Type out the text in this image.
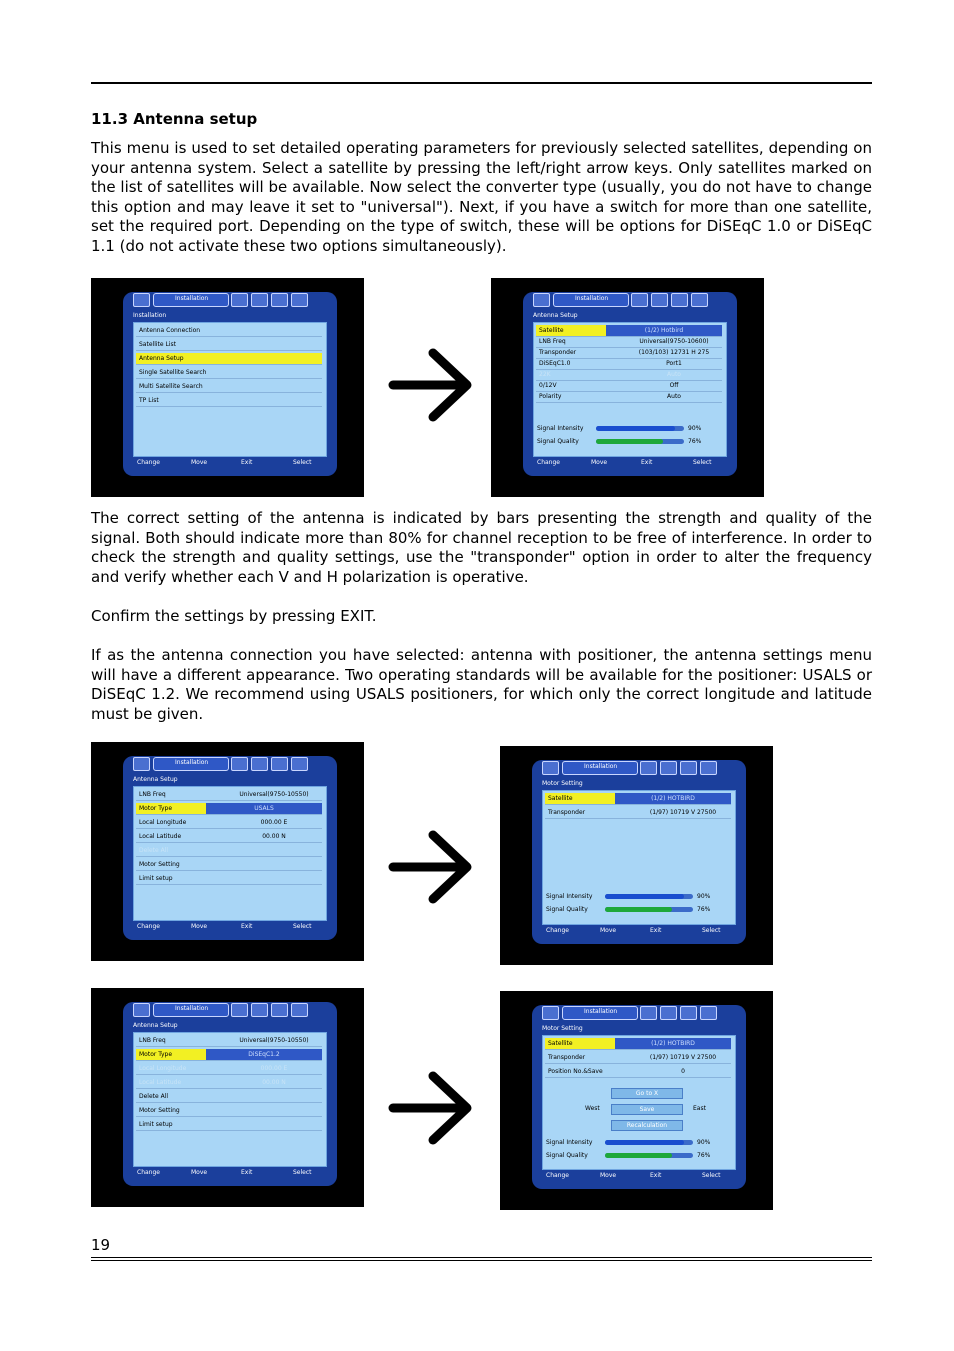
11.3 Antenna setup

This menu is used to set detailed operating parameters for previously selected satellites, depending on your antenna system. Select a satellite by pressing the left/right arrow keys. Only satellites marked on the list of satellites will be available. Now select the converter type (usually, you do not have to change this option and may leave it set to "universal"). Next, if you have a switch for more than one satellite, set the required port. Depending on the type of switch, these will be options for DiSEqC 1.0 or DiSEqC 1.1 (do not activate these two options simultaneously).

Installation
Installation
Antenna Connection
Satellite List
Antenna Setup
Single Satellite Search
Multi Satellite Search
TP List
Change	Move	Exit	Select
Installation
Antenna Setup
Satellite	(1/2) Hotbird
LNB Freq	Universal(9750-10600)
Transponder	(103/103) 12731 H 275
DiSEqC1.0	Port1
22K	Auto
0/12V	Off
Polarity	Auto
Signal Intensity	90%
Signal Quality	76%
Change	Move	Exit	Select

The correct setting of the antenna is indicated by bars presenting the strength and quality of the signal. Both should indicate more than 80% for channel reception to be free of interference. In order to check the strength and quality settings, use the "transponder" option in order to alter the frequency and verify whether each V and H polarization is operative.

Confirm the settings by pressing EXIT.

If as the antenna connection you have selected: antenna with positioner, the antenna settings menu will have a different appearance. Two operating standards will be available for the positioner: USALS or DiSEqC 1.2. We recommend using USALS positioners, for which only the correct longitude and latitude must be given.

Installation
Antenna Setup
LNB Freq	Universal(9750-10550)
Motor Type	USALS
Local Longitude	000.00 E
Local Latitude	00.00 N
Delete All
Motor Setting
Limit setup
Change	Move	Exit	Select
Installation
Motor Setting
Satellite	(1/2) HOTBIRD
Transponder	(1/97) 10719 V 27500
Signal Intensity	90%
Signal Quality	76%
Change	Move	Exit	Select
Installation
Antenna Setup
LNB Freq	Universal(9750-10550)
Motor Type	DiSEqC1.2
Local Longitude	000.00 E
Local Latitude	00.00 N
Delete All
Motor Setting
Limit setup
Change	Move	Exit	Select
Installation
Motor Setting
Satellite	(1/2) HOTBIRD
Transponder	(1/97) 10719 V 27500
Position No.&Save	0
Go to X
West	Save	East
Recalculation
Signal Intensity	90%
Signal Quality	76%
Change	Move	Exit	Select
19
